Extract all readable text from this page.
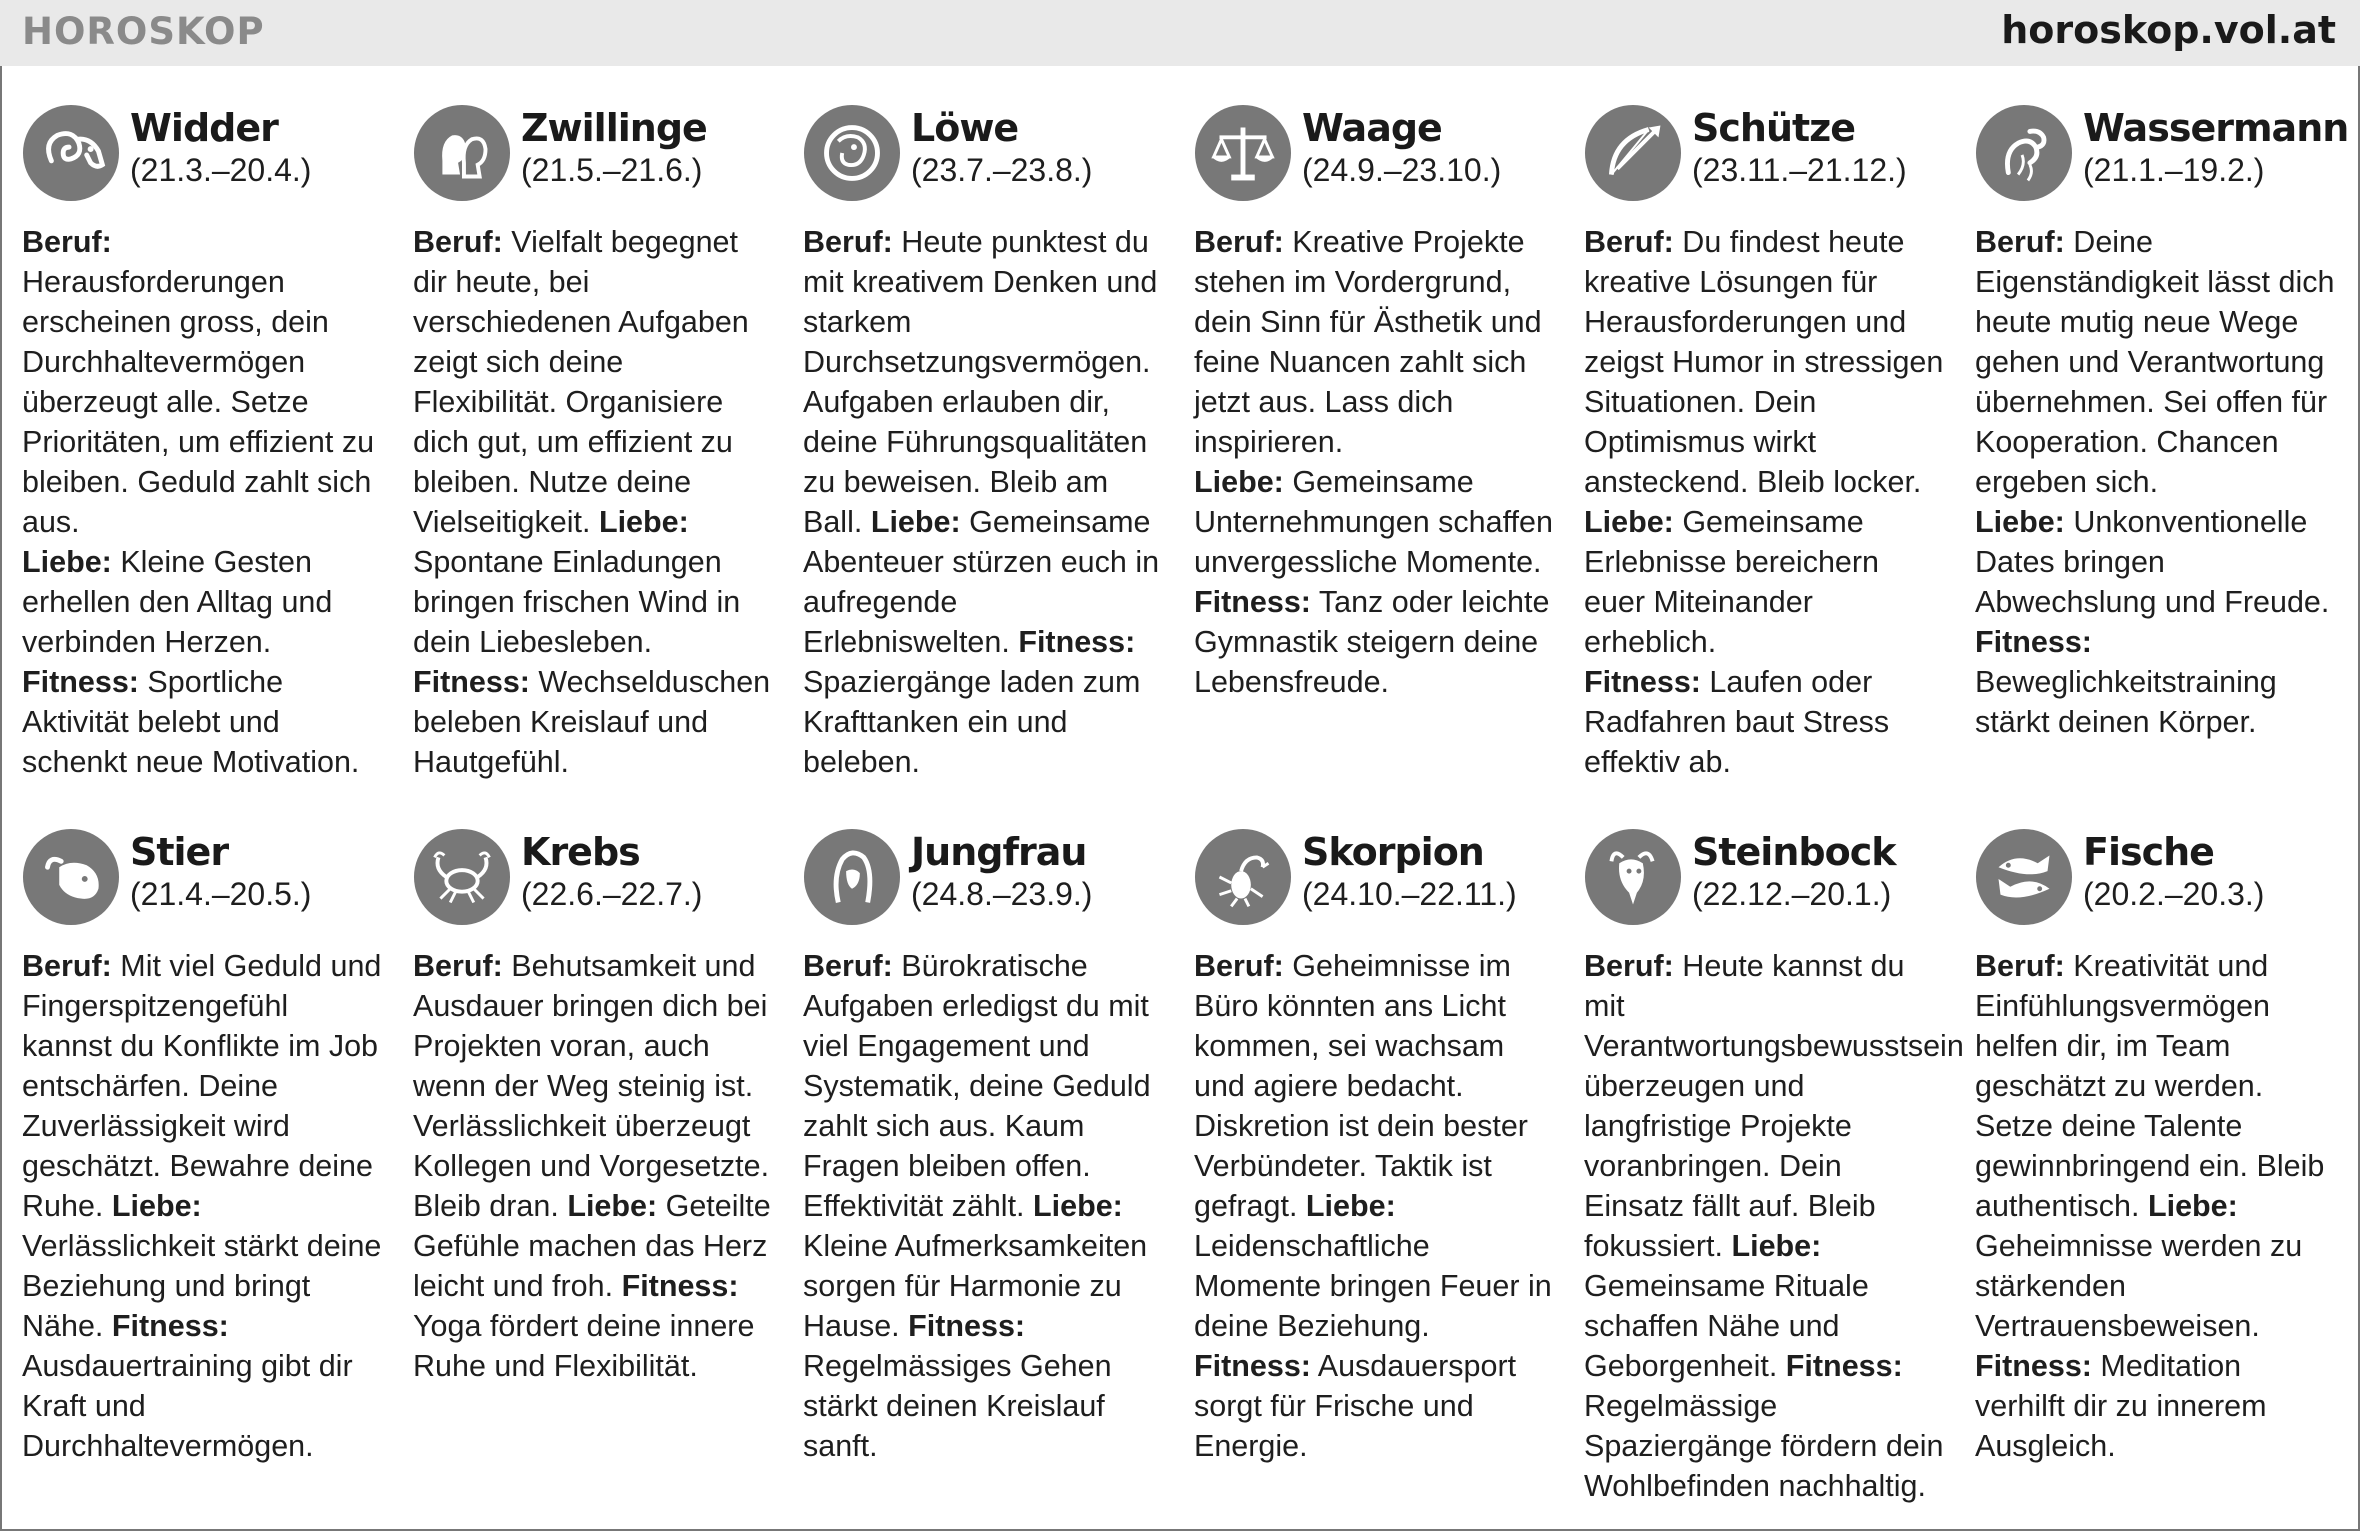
HOROSKOP	horoskop.vol.at
Widder
(21.3.–20.4.)
Beruf: Herausforderungen erscheinen gross, dein Durchhaltevermögen überzeugt alle. Setze Prioritäten, um effizient zu bleiben. Geduld zahlt sich aus.
Liebe: Kleine Gesten erhellen den Alltag und verbinden Herzen.
Fitness: Sportliche Aktivität belebt und schenkt neue Motivation.
Zwillinge
(21.5.–21.6.)
Beruf: Vielfalt begegnet dir heute, bei verschiedenen Aufgaben zeigt sich deine Flexibilität. Organisiere dich gut, um effizient zu bleiben. Nutze deine Vielseitigkeit. Liebe: Spontane Einladungen bringen frischen Wind in dein Liebesleben. Fitness: Wechselduschen beleben Kreislauf und Hautgefühl.
Löwe
(23.7.–23.8.)
Beruf: Heute punktest du mit kreativem Denken und starkem Durchsetzungsvermögen. Aufgaben erlauben dir, deine Führungsqualitäten zu beweisen. Bleib am Ball. Liebe: Gemeinsame Abenteuer stürzen euch in aufregende Erlebniswelten. Fitness: Spaziergänge laden zum Krafttanken ein und beleben.
Waage
(24.9.–23.10.)
Beruf: Kreative Projekte stehen im Vordergrund, dein Sinn für Ästhetik und feine Nuancen zahlt sich jetzt aus. Lass dich inspirieren.
Liebe: Gemeinsame Unternehmungen schaffen unvergessliche Momente.
Fitness: Tanz oder leichte Gymnastik steigern deine Lebensfreude.
Schütze
(23.11.–21.12.)
Beruf: Du findest heute kreative Lösungen für Herausforderungen und zeigst Humor in stressigen Situationen. Dein Optimismus wirkt ansteckend. Bleib locker.
Liebe: Gemeinsame Erlebnisse bereichern euer Miteinander erheblich.
Fitness: Laufen oder Radfahren baut Stress effektiv ab.
Wassermann
(21.1.–19.2.)
Beruf: Deine Eigenständigkeit lässt dich heute mutig neue Wege gehen und Verantwortung übernehmen. Sei offen für Kooperation. Chancen ergeben sich.
Liebe: Unkonventionelle Dates bringen Abwechslung und Freude.
Fitness: Beweglichkeitstraining stärkt deinen Körper.
Stier
(21.4.–20.5.)
Beruf: Mit viel Geduld und Fingerspitzengefühl kannst du Konflikte im Job entschärfen. Deine Zuverlässigkeit wird geschätzt. Bewahre deine Ruhe. Liebe: Verlässlichkeit stärkt deine Beziehung und bringt Nähe. Fitness: Ausdauertraining gibt dir Kraft und Durchhaltevermögen.
Krebs
(22.6.–22.7.)
Beruf: Behutsamkeit und Ausdauer bringen dich bei Projekten voran, auch wenn der Weg steinig ist. Verlässlichkeit überzeugt Kollegen und Vorgesetzte. Bleib dran. Liebe: Geteilte Gefühle machen das Herz leicht und froh. Fitness: Yoga fördert deine innere Ruhe und Flexibilität.
Jungfrau
(24.8.–23.9.)
Beruf: Bürokratische Aufgaben erledigst du mit viel Engagement und Systematik, deine Geduld zahlt sich aus. Kaum Fragen bleiben offen. Effektivität zählt. Liebe: Kleine Aufmerksamkeiten sorgen für Harmonie zu Hause. Fitness: Regelmässiges Gehen stärkt deinen Kreislauf sanft.
Skorpion
(24.10.–22.11.)
Beruf: Geheimnisse im Büro könnten ans Licht kommen, sei wachsam und agiere bedacht. Diskretion ist dein bester Verbündeter. Taktik ist gefragt. Liebe: Leidenschaftliche Momente bringen Feuer in deine Beziehung. Fitness: Ausdauersport sorgt für Frische und Energie.
Steinbock
(22.12.–20.1.)
Beruf: Heute kannst du mit Verantwortungsbewusstsein überzeugen und langfristige Projekte voranbringen. Dein Einsatz fällt auf. Bleib fokussiert. Liebe: Gemeinsame Rituale schaffen Nähe und Geborgenheit. Fitness: Regelmässige Spaziergänge fördern dein Wohlbefinden nachhaltig.
Fische
(20.2.–20.3.)
Beruf: Kreativität und Einfühlungsvermögen helfen dir, im Team geschätzt zu werden. Setze deine Talente gewinnbringend ein. Bleib authentisch. Liebe: Geheimnisse werden zu stärkenden Vertrauensbeweisen. Fitness: Meditation verhilft dir zu innerem Ausgleich.
